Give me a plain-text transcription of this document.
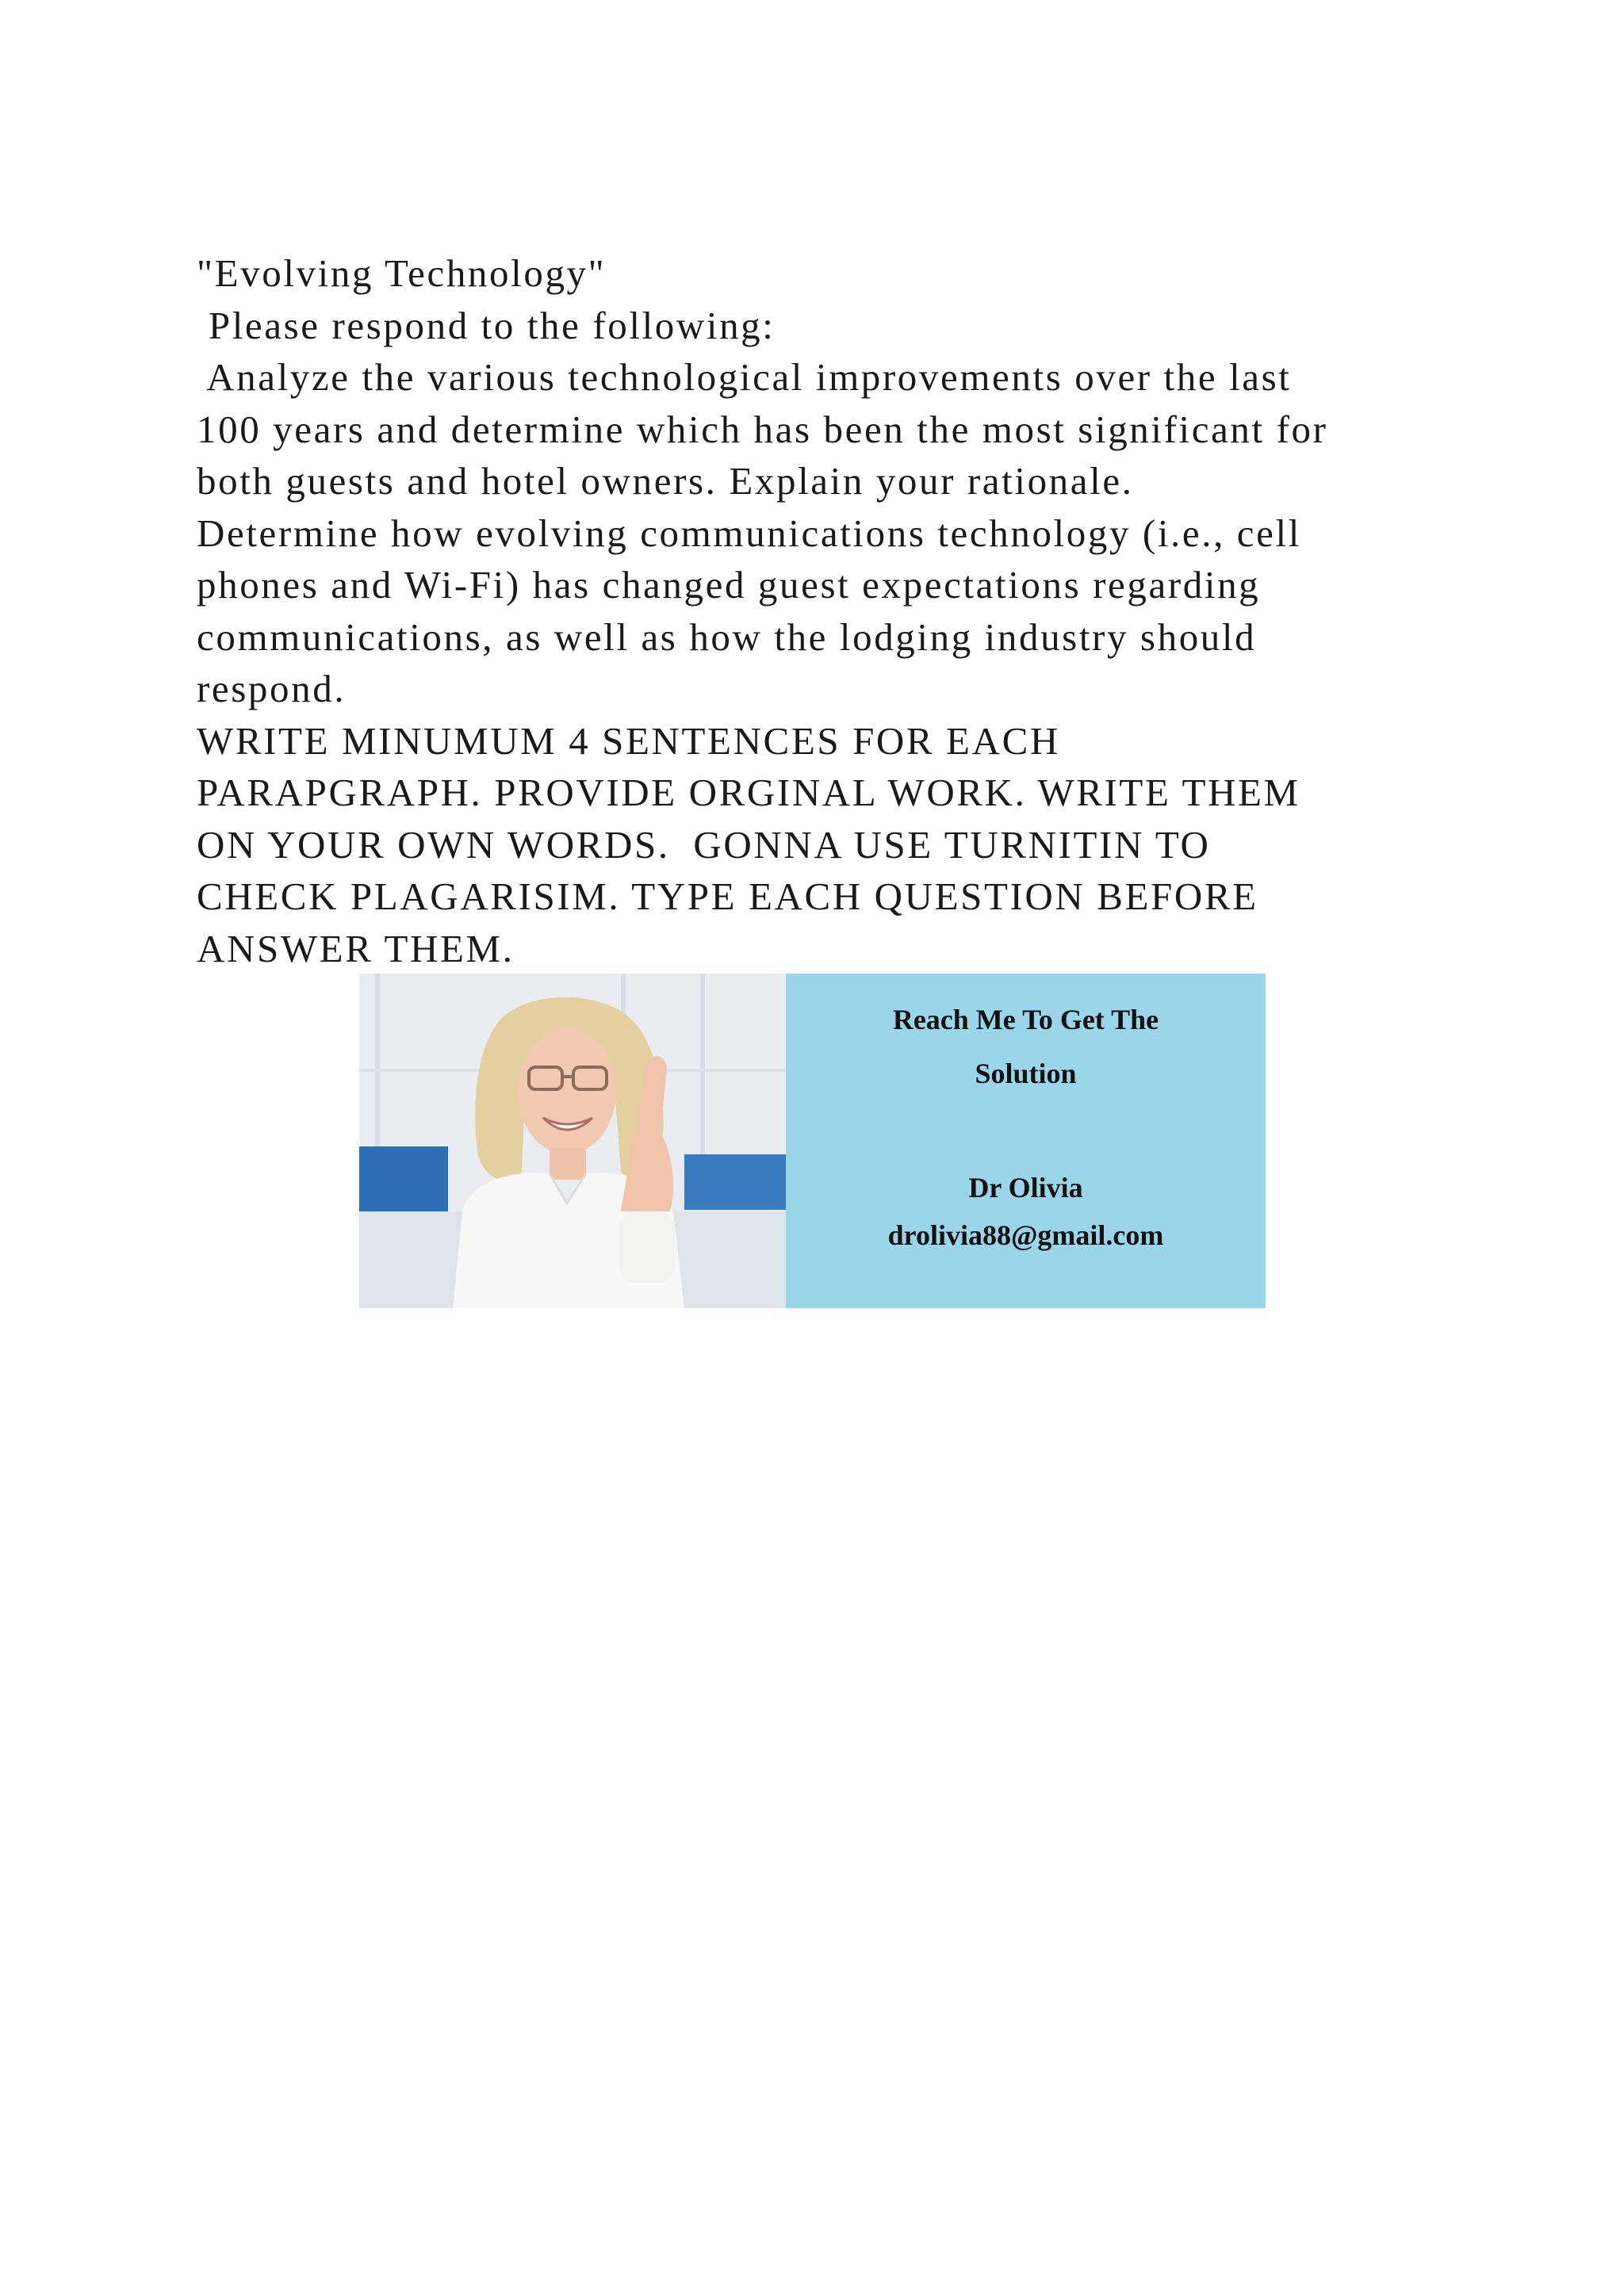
"Evolving Technology"
Please respond to the following:
Analyze the various technological improvements over the last
100 years and determine which has been the most significant for
both guests and hotel owners. Explain your rationale.
Determine how evolving communications technology (i.e., cell
phones and Wi-Fi) has changed guest expectations regarding
communications, as well as how the lodging industry should
respond.
WRITE MINUMUM 4 SENTENCES FOR EACH
PARAPGRAPH. PROVIDE ORGINAL WORK. WRITE THEM
ON YOUR OWN WORDS.  GONNA USE TURNITIN TO
CHECK PLAGARISIM. TYPE EACH QUESTION BEFORE
ANSWER THEM.
Reach Me To Get The
Solution
Dr Olivia
drolivia88@gmail.com
